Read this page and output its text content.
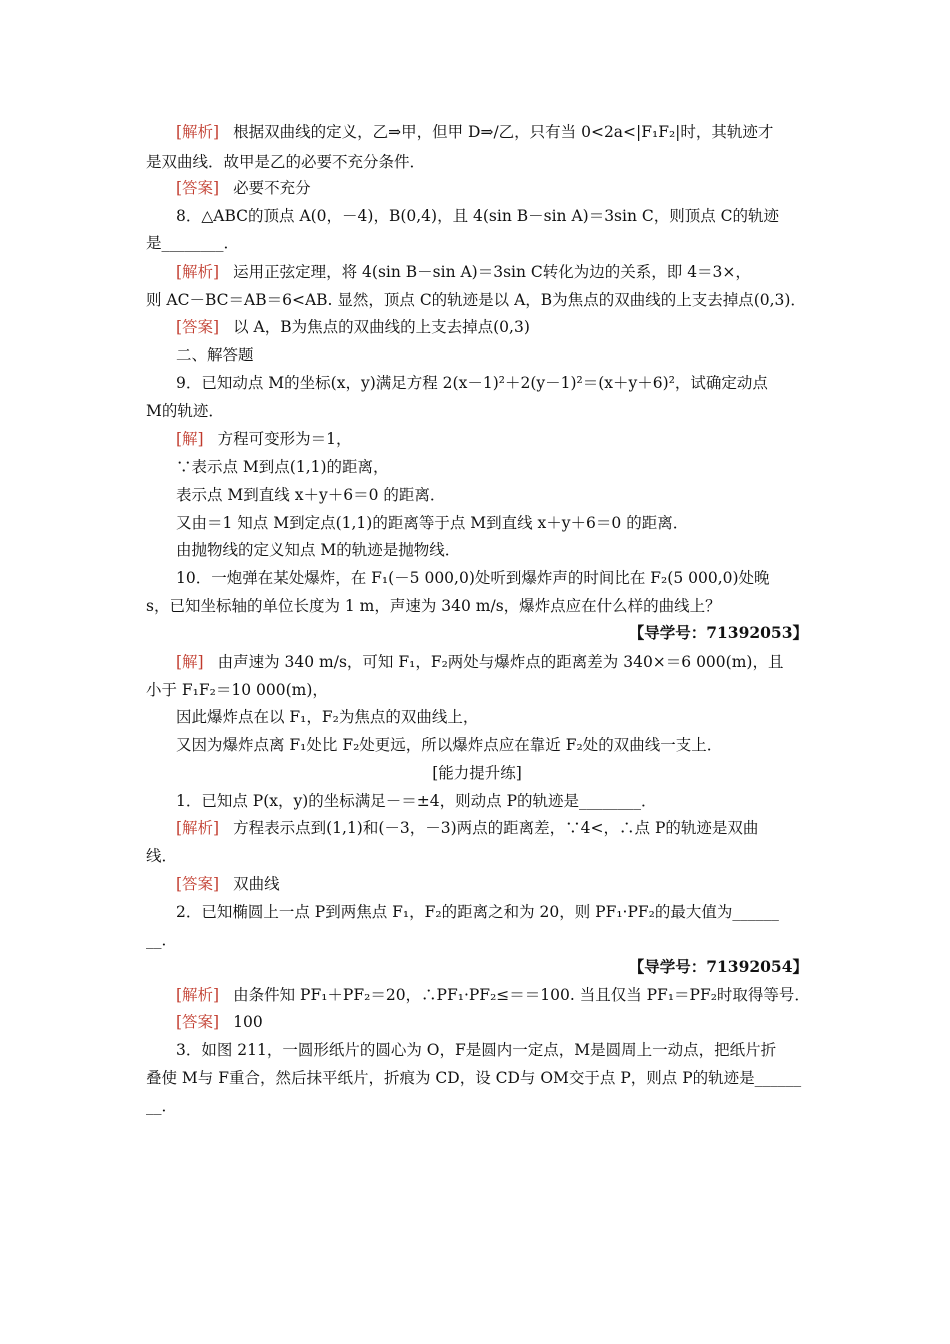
[解析] 根据双曲线的定义，乙⇒甲，但甲 D⇒/乙，只有当 0<2a<|F₁F₂|时，其轨迹才
是双曲线．故甲是乙的必要不充分条件．
[答案] 必要不充分
8．△ABC的顶点 A(0，－4)，B(0,4)，且 4(sin B－sin A)＝3sin C，则顶点 C的轨迹
是________．
[解析] 运用正弦定理，将 4(sin B－sin A)＝3sin C转化为边的关系，即 4＝3×，
则 AC－BC＝AB＝6<AB. 显然，顶点 C的轨迹是以 A，B为焦点的双曲线的上支去掉点(0,3)．
[答案] 以 A，B为焦点的双曲线的上支去掉点(0,3)
二、解答题
9．已知动点 M的坐标(x，y)满足方程 2(x－1)²＋2(y－1)²＝(x＋y＋6)²，试确定动点
M的轨迹．
[解] 方程可变形为＝1，
∵表示点 M到点(1,1)的距离，
表示点 M到直线 x＋y＋6＝0 的距离．
又由＝1 知点 M到定点(1,1)的距离等于点 M到直线 x＋y＋6＝0 的距离．
由抛物线的定义知点 M的轨迹是抛物线．
10．一炮弹在某处爆炸，在 F₁(－5 000,0)处听到爆炸声的时间比在 F₂(5 000,0)处晚
s，已知坐标轴的单位长度为 1 m，声速为 340 m/s，爆炸点应在什么样的曲线上？
【导学号：71392053】
[解] 由声速为 340 m/s，可知 F₁，F₂两处与爆炸点的距离差为 340×＝6 000(m)，且
小于 F₁F₂＝10 000(m)，
因此爆炸点在以 F₁，F₂为焦点的双曲线上，
又因为爆炸点离 F₁处比 F₂处更远，所以爆炸点应在靠近 F₂处的双曲线一支上．
[能力提升练]
1．已知点 P(x，y)的坐标满足－＝±4，则动点 P的轨迹是________．
[解析] 方程表示点到(1,1)和(－3，－3)两点的距离差，∵4<，∴点 P的轨迹是双曲
线．
[答案] 双曲线
2．已知椭圆上一点 P到两焦点 F₁，F₂的距离之和为 20，则 PF₁·PF₂的最大值为______
__．
【导学号：71392054】
[解析] 由条件知 PF₁＋PF₂＝20，∴PF₁·PF₂≤＝＝100. 当且仅当 PF₁＝PF₂时取得等号．
[答案] 100
3．如图 211，一圆形纸片的圆心为 O，F是圆内一定点，M是圆周上一动点，把纸片折
叠使 M与 F重合，然后抹平纸片，折痕为 CD，设 CD与 OM交于点 P，则点 P的轨迹是______
__．
